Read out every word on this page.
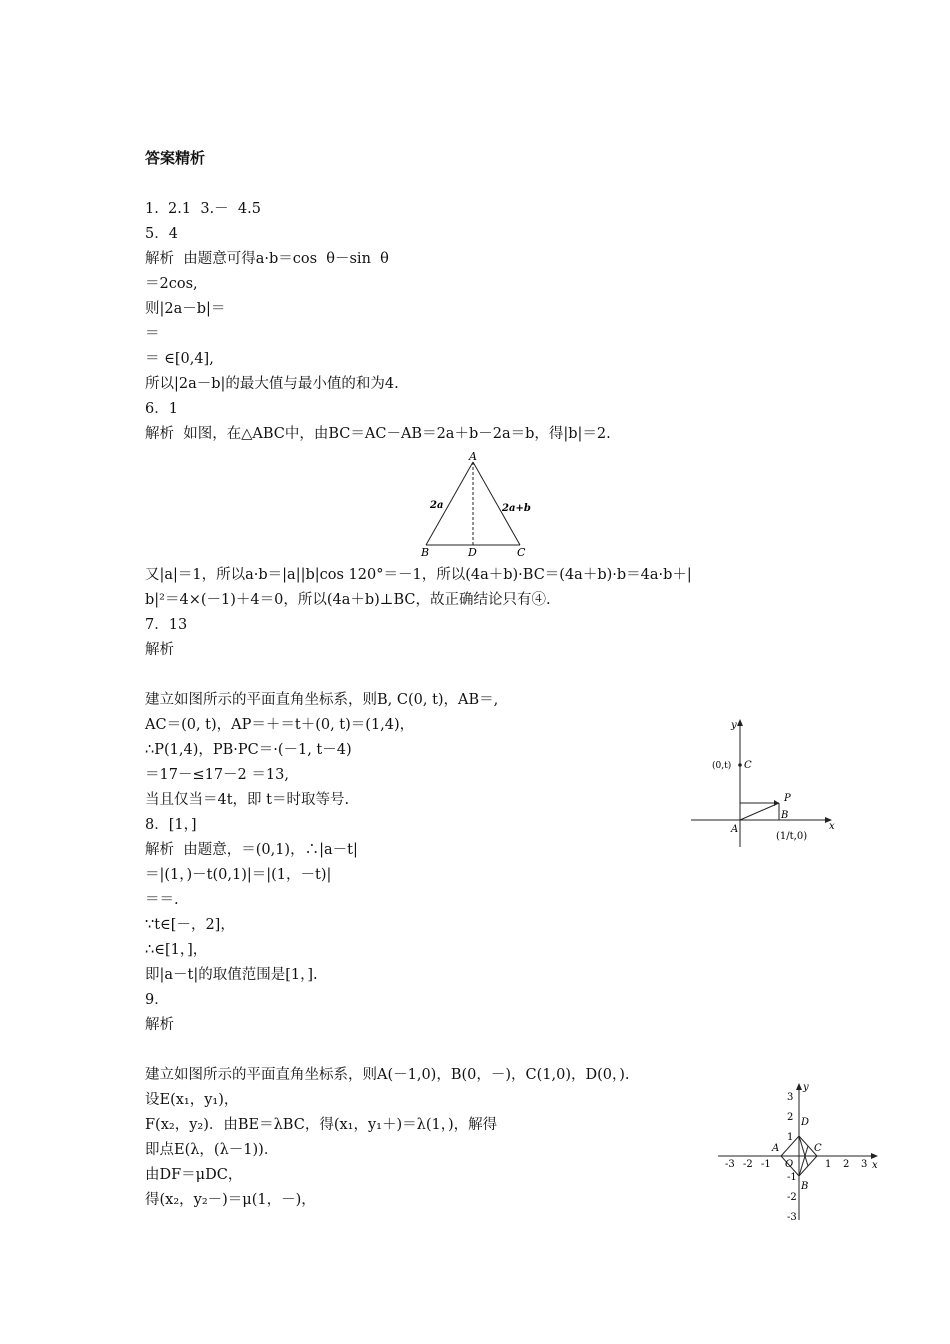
答案精析
1.  2.1  3.－  4.5
5．4
解析  由题意可得a·b＝cos  θ－sin  θ
＝2cos,
则|2a－b|＝
＝
＝ ∈[0,4],
所以|2a－b|的最大值与最小值的和为4.
6．1
解析  如图，在△ABC中，由BC＝AC－AB＝2a＋b－2a＝b，得|b|＝2.
又|a|＝1，所以a·b＝|a||b|cos 120°＝－1，所以(4a＋b)·BC＝(4a＋b)·b＝4a·b＋|
b|²＝4×(－1)＋4＝0，所以(4a＋b)⊥BC，故正确结论只有④.
7．13
解析
建立如图所示的平面直角坐标系，则B, C(0, t)，AB＝,
AC＝(0, t)，AP＝＋＝t＋(0, t)＝(1,4)，
∴P(1,4)，PB·PC＝·(－1, t－4)
＝17－≤17－2 ＝13,
当且仅当＝4t，即 t＝时取等号.
8．[1，]
解析  由题意，＝(0,1)，∴|a－t|
＝|(1，)－t(0,1)|＝|(1，－t)|
＝＝.
∵t∈[－，2]，
∴∈[1，]，
即|a－t|的取值范围是[1，].
9．
解析
建立如图所示的平面直角坐标系，则A(－1,0)，B(0，－)，C(1,0)，D(0，).
设E(x₁，y₁)，
F(x₂，y₂)．由BE＝λBC，得(x₁，y₁＋)＝λ(1，)，解得
即点E(λ，(λ－1))．
由DF＝μDC，
得(x₂，y₂－)＝μ(1，－)，
A
B	C
D
2a	2a+b
y
x
(0,t) C
P
B
A
(1/t,0)
y
x
D
A	C
B
O
3
2
1
-1
-2
-3
-3 -2 -1	1 2 3
